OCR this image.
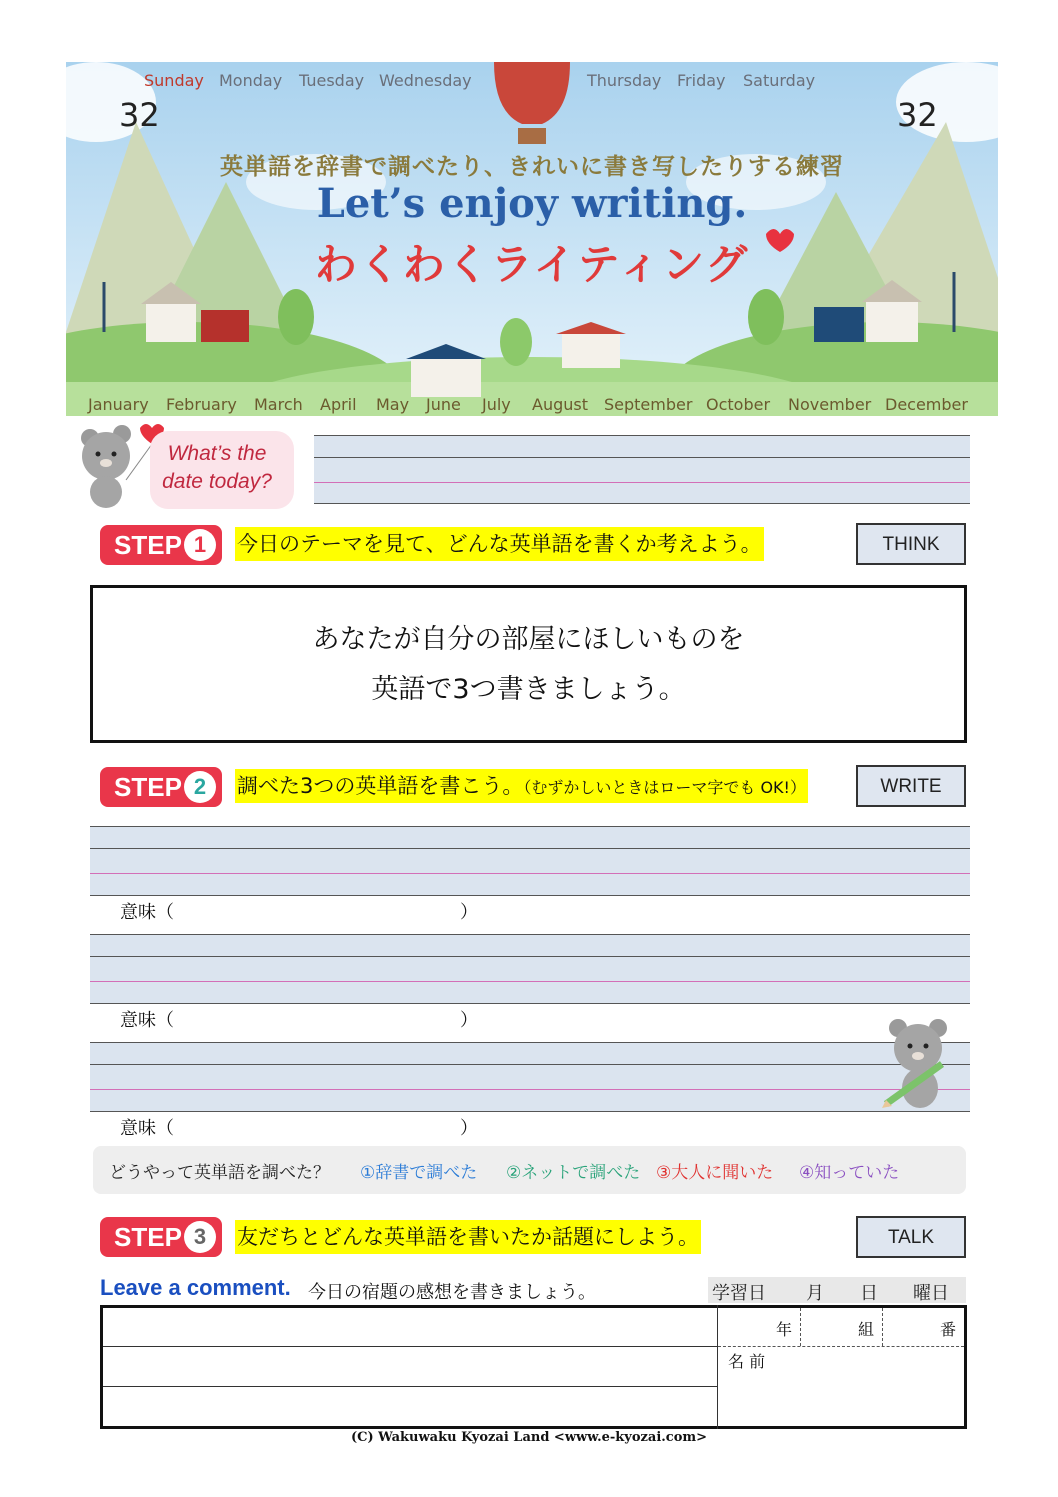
Sunday Monday Tuesday Wednesday	Thursday Friday Saturday
32	32
英単語を辞書で調べたり、きれいに書き写したりする練習
Let’s enjoy writing.
わくわくライティング
January February March April May June July August September October November December
What’s the
date today?
STEP 1	今日のテーマを見て、どんな英単語を書くか考えよう。	THINK
あなたが自分の部屋にほしいものを
英語で3つ書きましょう。
STEP 2	調べた3つの英単語を書こう。（むずかしいときはローマ字でも OK!）	WRITE
意味（	）
意味（	）
意味（	）
どうやって英単語を調べた？ ①辞書で調べた ②ネットで調べた ③大人に聞いた ④知っていた
STEP 3	友だちとどんな英単語を書いたか話題にしよう。	TALK
Leave a comment. 今日の宿題の感想を書きましょう。	学習日 月 日 曜日
年	組	番
名 前
(C) Wakuwaku Kyozai Land <www.e-kyozai.com>
